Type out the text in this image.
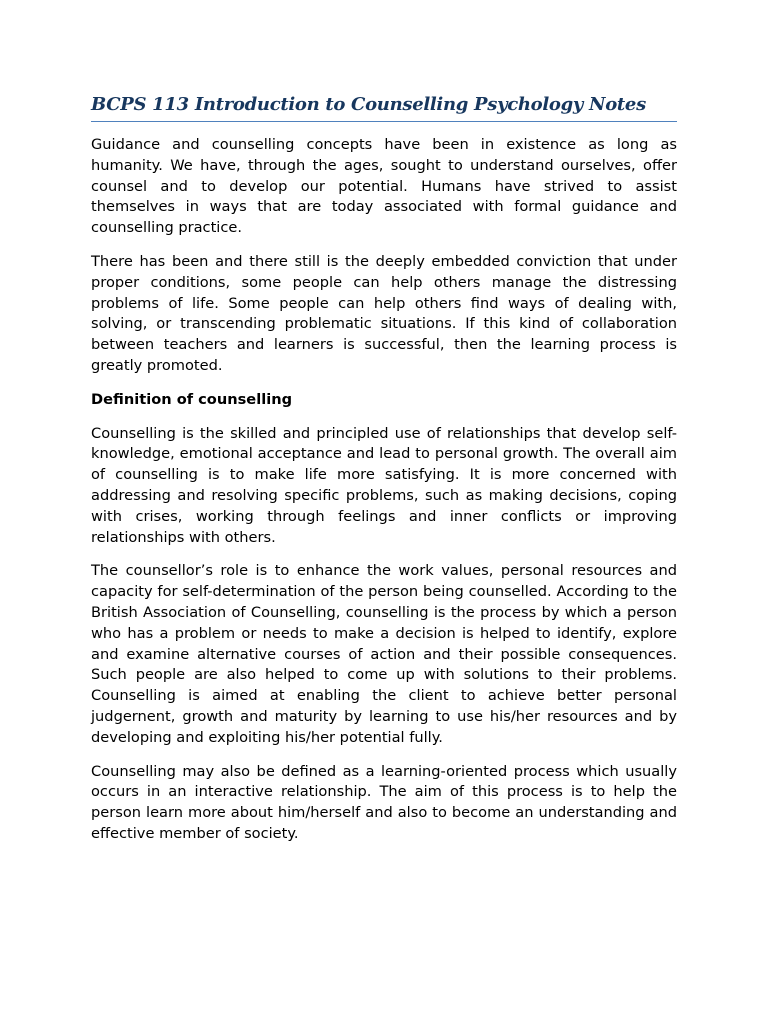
BCPS 113 Introduction to Counselling Psychology Notes

Guidance and counselling concepts have been in existence as long as humanity. We have, through the ages, sought to understand ourselves, offer counsel and to develop our potential. Humans have strived to assist themselves in ways that are today associated with formal guidance and counselling practice.

There has been and there still is the deeply embedded conviction that under proper conditions, some people can help others manage the distressing problems of life. Some people can help others find ways of dealing with, solving, or transcending problematic situations. If this kind of collaboration between teachers and learners is successful, then the learning process is greatly promoted.

Definition of counselling

Counselling is the skilled and principled use of relationships that develop self-knowledge, emotional acceptance and lead to personal growth. The overall aim of counselling is to make life more satisfying. It is more concerned with addressing and resolving specific problems, such as making decisions, coping with crises, working through feelings and inner conflicts or improving relationships with others.

The counsellor’s role is to enhance the work values, personal resources and capacity for self-determination of the person being counselled. According to the British Association of Counselling, counselling is the process by which a person who has a problem or needs to make a decision is helped to identify, explore and examine alternative courses of action and their possible consequences. Such people are also helped to come up with solutions to their problems. Counselling is aimed at enabling the client to achieve better personal judgernent, growth and maturity by learning to use his/her resources and by developing and exploiting his/her potential fully.

Counselling may also be defined as a learning-oriented process which usually occurs in an interactive relationship. The aim of this process is to help the person learn more about him/herself and also to become an understanding and effective member of society.
